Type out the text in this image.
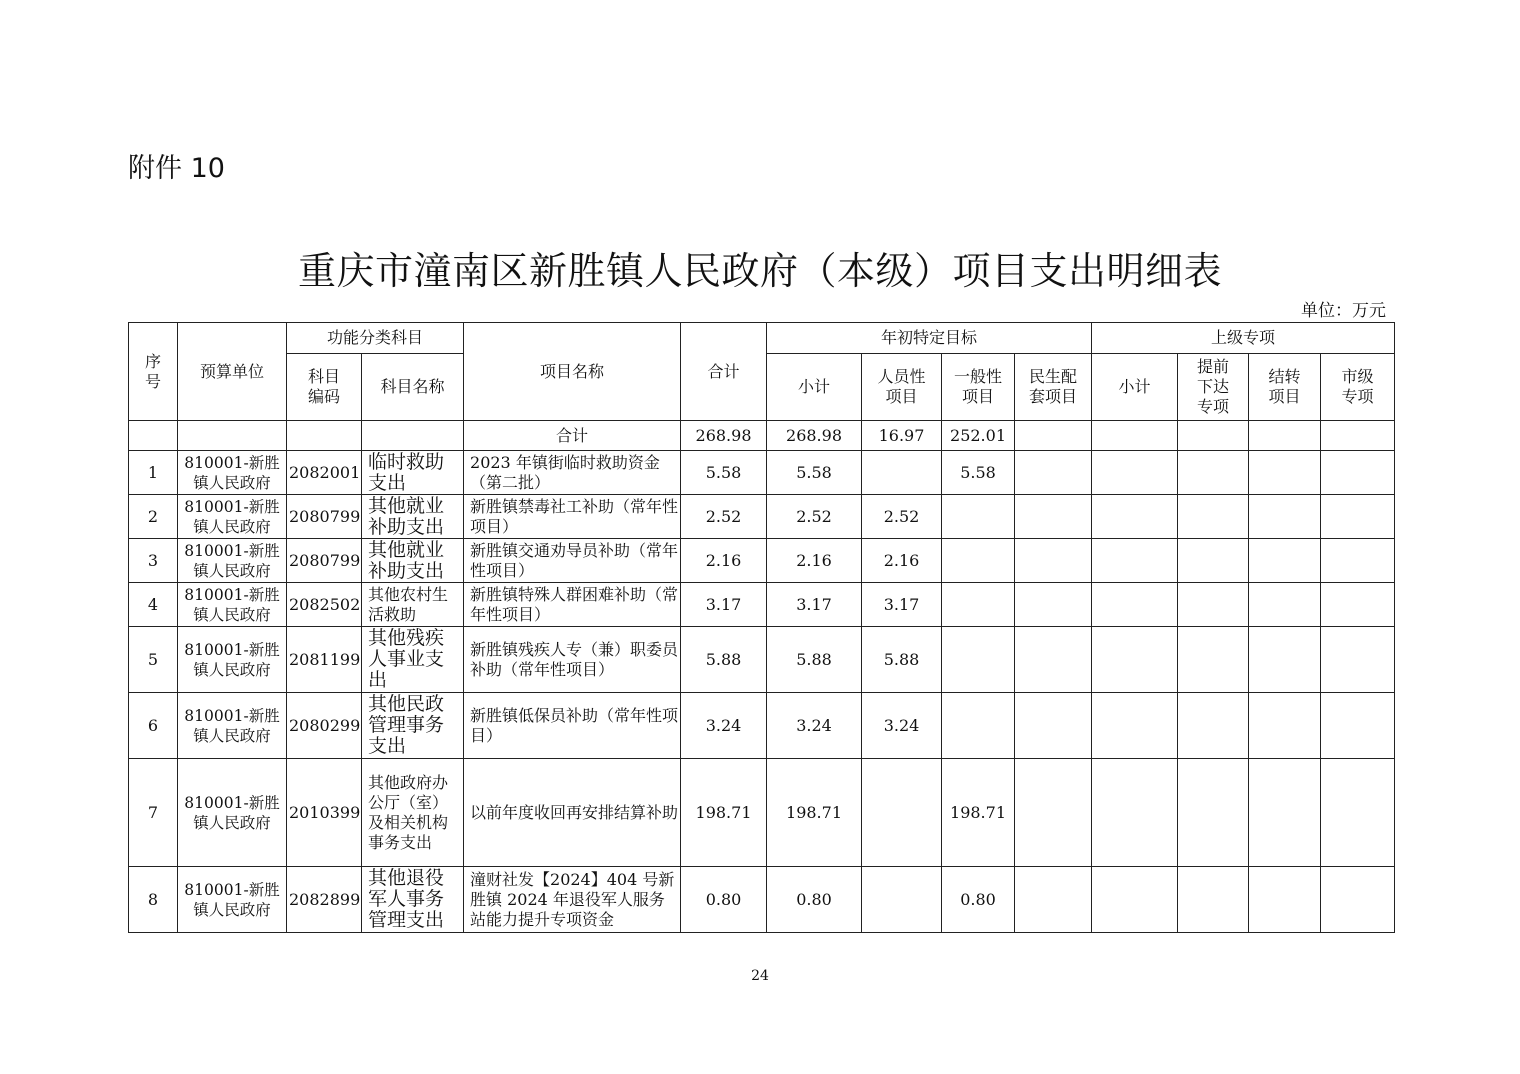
附件 10
重庆市潼南区新胜镇人民政府（本级）项目支出明细表
单位：万元
序号	预算单位	功能分类科目		项目名称	合计	年初特定目标				上级专项			
		科目编码	科目名称			小计	人员性项目	一般性项目	民生配套项目	小计	提前下达专项	结转项目	市级专项
				合计	268.98	268.98	16.97	252.01					
1	810001-新胜镇人民政府	2082001	临时救助支出	2023 年镇街临时救助资金（第二批）	5.58	5.58		5.58					
2	810001-新胜镇人民政府	2080799	其他就业补助支出	新胜镇禁毒社工补助（常年性项目）	2.52	2.52	2.52						
3	810001-新胜镇人民政府	2080799	其他就业补助支出	新胜镇交通劝导员补助（常年性项目）	2.16	2.16	2.16						
4	810001-新胜镇人民政府	2082502	其他农村生活救助	新胜镇特殊人群困难补助（常年性项目）	3.17	3.17	3.17						
5	810001-新胜镇人民政府	2081199	其他残疾人事业支出	新胜镇残疾人专（兼）职委员补助（常年性项目）	5.88	5.88	5.88						
6	810001-新胜镇人民政府	2080299	其他民政管理事务支出	新胜镇低保员补助（常年性项目）	3.24	3.24	3.24						
7	810001-新胜镇人民政府	2010399	其他政府办公厅（室）及相关机构事务支出	以前年度收回再安排结算补助	198.71	198.71		198.71					
8	810001-新胜镇人民政府	2082899	其他退役军人事务管理支出	潼财社发【2024】404 号新胜镇 2024 年退役军人服务站能力提升专项资金	0.80	0.80		0.80					
24
